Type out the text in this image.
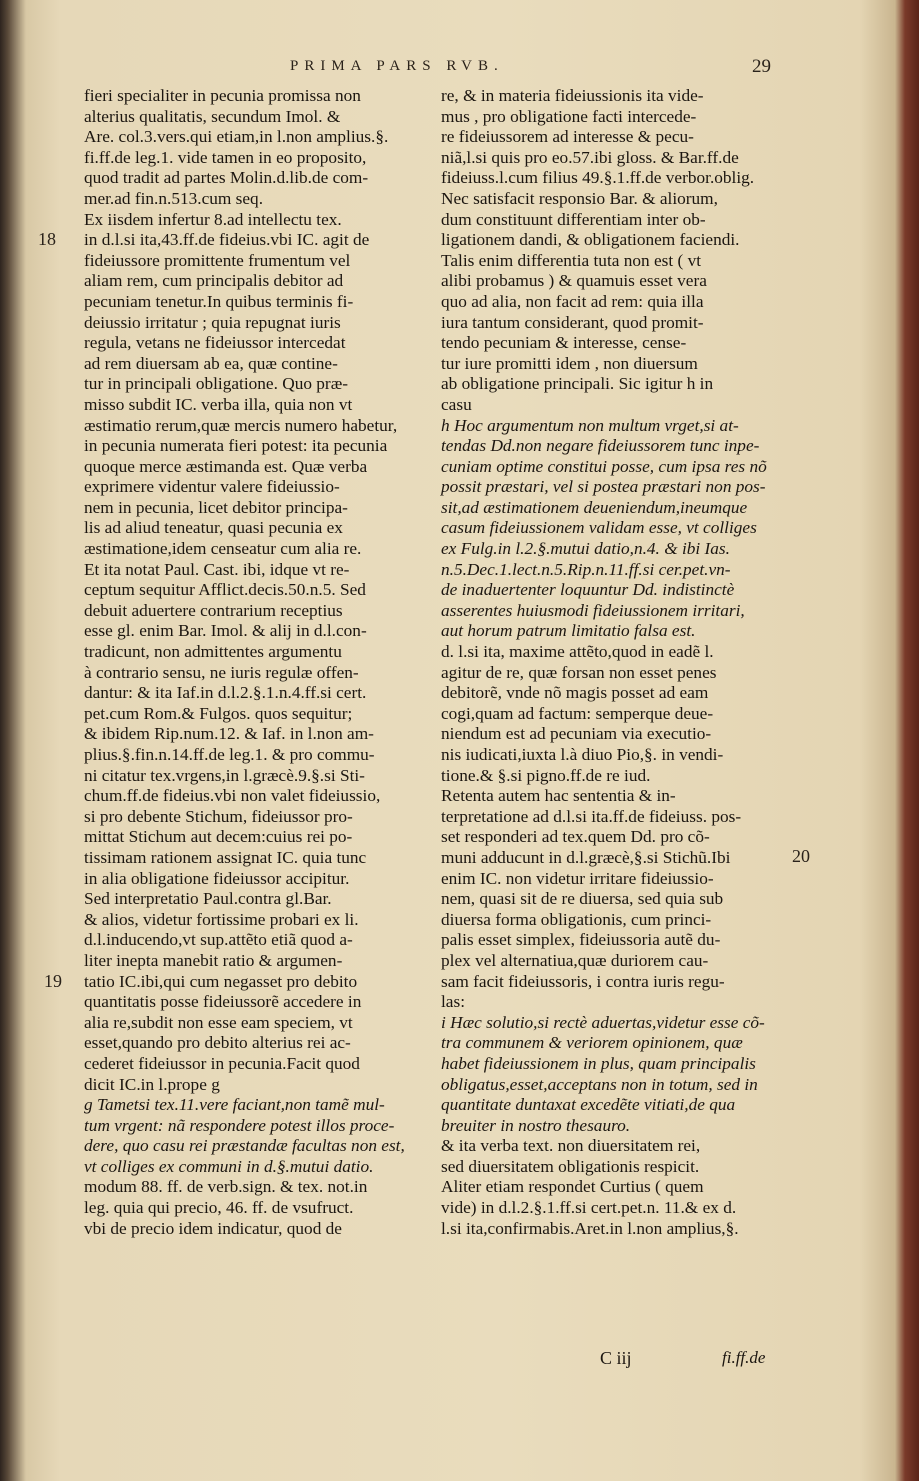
PRIMA PARS RVB.	29
18
19
20

fieri specialiter in pecunia promissa non

alterius qualitatis, secundum Imol. &

Are. col.3.vers.qui etiam,in l.non amplius.§.

fi.ff.de leg.1. vide tamen in eo proposito,

quod tradit ad partes Molin.d.lib.de com-

mer.ad fin.n.513.cum seq.

Ex iisdem infertur 8.ad intellectu tex.

in d.l.si ita,43.ff.de fideius.vbi IC. agit de

fideiussore promittente frumentum vel

aliam rem, cum principalis debitor ad

pecuniam tenetur.In quibus terminis fi-

deiussio irritatur ; quia repugnat iuris

regula, vetans ne fideiussor intercedat

ad rem diuersam ab ea, quæ contine-

tur in principali obligatione. Quo præ-

misso subdit IC. verba illa, quia non vt

æstimatio rerum,quæ mercis numero habetur,

in pecunia numerata fieri potest: ita pecunia

quoque merce æstimanda est. Quæ verba

exprimere videntur valere fideiussio-

nem in pecunia, licet debitor principa-

lis ad aliud teneatur, quasi pecunia ex

æstimatione,idem censeatur cum alia re.

Et ita notat Paul. Cast. ibi, idque vt re-

ceptum sequitur Afflict.decis.50.n.5. Sed

debuit aduertere contrarium receptius

esse gl. enim Bar. Imol. & alij in d.l.con-

tradicunt, non admittentes argumentu

à contrario sensu, ne iuris regulæ offen-

dantur: & ita Iaf.in d.l.2.§.1.n.4.ff.si cert.

pet.cum Rom.& Fulgos. quos sequitur;

& ibidem Rip.num.12. & Iaf. in l.non am-

plius.§.fin.n.14.ff.de leg.1. & pro commu-

ni citatur tex.vrgens,in l.græcè.9.§.si Sti-

chum.ff.de fideius.vbi non valet fideiussio,

si pro debente Stichum, fideiussor pro-

mittat Stichum aut decem:cuius rei po-

tissimam rationem assignat IC. quia tunc

in alia obligatione fideiussor accipitur.

Sed interpretatio Paul.contra gl.Bar.

& alios, videtur fortissime probari ex li.

d.l.inducendo,vt sup.attẽto etiã quod a-

liter inepta manebit ratio & argumen-

tatio IC.ibi,qui cum negasset pro debito

quantitatis posse fideiussorẽ accedere in

alia re,subdit non esse eam speciem, vt

esset,quando pro debito alterius rei ac-

cederet fideiussor in pecunia.Facit quod

dicit IC.in l.prope g

g Tametsi tex.11.vere faciant,non tamẽ mul-

tum vrgent: nã respondere potest illos proce-

dere, quo casu rei præstandæ facultas non est,

vt colliges ex communi in d.§.mutui datio.

modum 88. ff. de verb.sign. & tex. not.in

leg. quia qui precio, 46. ff. de vsufruct.

vbi de precio idem indicatur, quod de

re, & in materia fideiussionis ita vide-

mus , pro obligatione facti intercede-

re fideiussorem ad interesse & pecu-

niã,l.si quis pro eo.57.ibi gloss. & Bar.ff.de

fideiuss.l.cum filius 49.§.1.ff.de verbor.oblig.

Nec satisfacit responsio Bar. & aliorum,

dum constituunt differentiam inter ob-

ligationem dandi, & obligationem faciendi.

Talis enim differentia tuta non est ( vt

alibi probamus ) & quamuis esset vera

quo ad alia, non facit ad rem: quia illa

iura tantum considerant, quod promit-

tendo pecuniam & interesse, cense-

tur iure promitti idem , non diuersum

ab obligatione principali. Sic igitur h in

casu

h Hoc argumentum non multum vrget,si at-

tendas Dd.non negare fideiussorem tunc inpe-

cuniam optime constitui posse, cum ipsa res nõ

possit præstari, vel si postea præstari non pos-

sit,ad æstimationem deueniendum,ineumque

casum fideiussionem validam esse, vt colliges

ex Fulg.in l.2.§.mutui datio,n.4. & ibi Ias.

n.5.Dec.1.lect.n.5.Rip.n.11.ff.si cer.pet.vn-

de inaduertenter loquuntur Dd. indistinctè

asserentes huiusmodi fideiussionem irritari,

aut horum patrum limitatio falsa est.

d. l.si ita, maxime attẽto,quod in eadẽ l.

agitur de re, quæ forsan non esset penes

debitorẽ, vnde nõ magis posset ad eam

cogi,quam ad factum: semperque deue-

niendum est ad pecuniam via executio-

nis iudicati,iuxta l.à diuo Pio,§. in vendi-

tione.& §.si pigno.ff.de re iud.

Retenta autem hac sententia & in-

terpretatione ad d.l.si ita.ff.de fideiuss. pos-

set responderi ad tex.quem Dd. pro cõ-

muni adducunt in d.l.græcè,§.si Stichũ.Ibi

enim IC. non videtur irritare fideiussio-

nem, quasi sit de re diuersa, sed quia sub

diuersa forma obligationis, cum princi-

palis esset simplex, fideiussoria autẽ du-

plex vel alternatiua,quæ duriorem cau-

sam facit fideiussoris, i contra iuris regu-

las:

i Hæc solutio,si rectè aduertas,videtur esse cõ-

tra communem & veriorem opinionem, quæ

habet fideiussionem in plus, quam principalis

obligatus,esset,acceptans non in totum, sed in

quantitate duntaxat excedẽte vitiati,de qua

breuiter in nostro thesauro.

& ita verba text. non diuersitatem rei,

sed diuersitatem obligationis respicit.

Aliter etiam respondet Curtius ( quem

vide) in d.l.2.§.1.ff.si cert.pet.n. 11.& ex d.

l.si ita,confirmabis.Aret.in l.non amplius,§.

C iij	fi.ff.de
